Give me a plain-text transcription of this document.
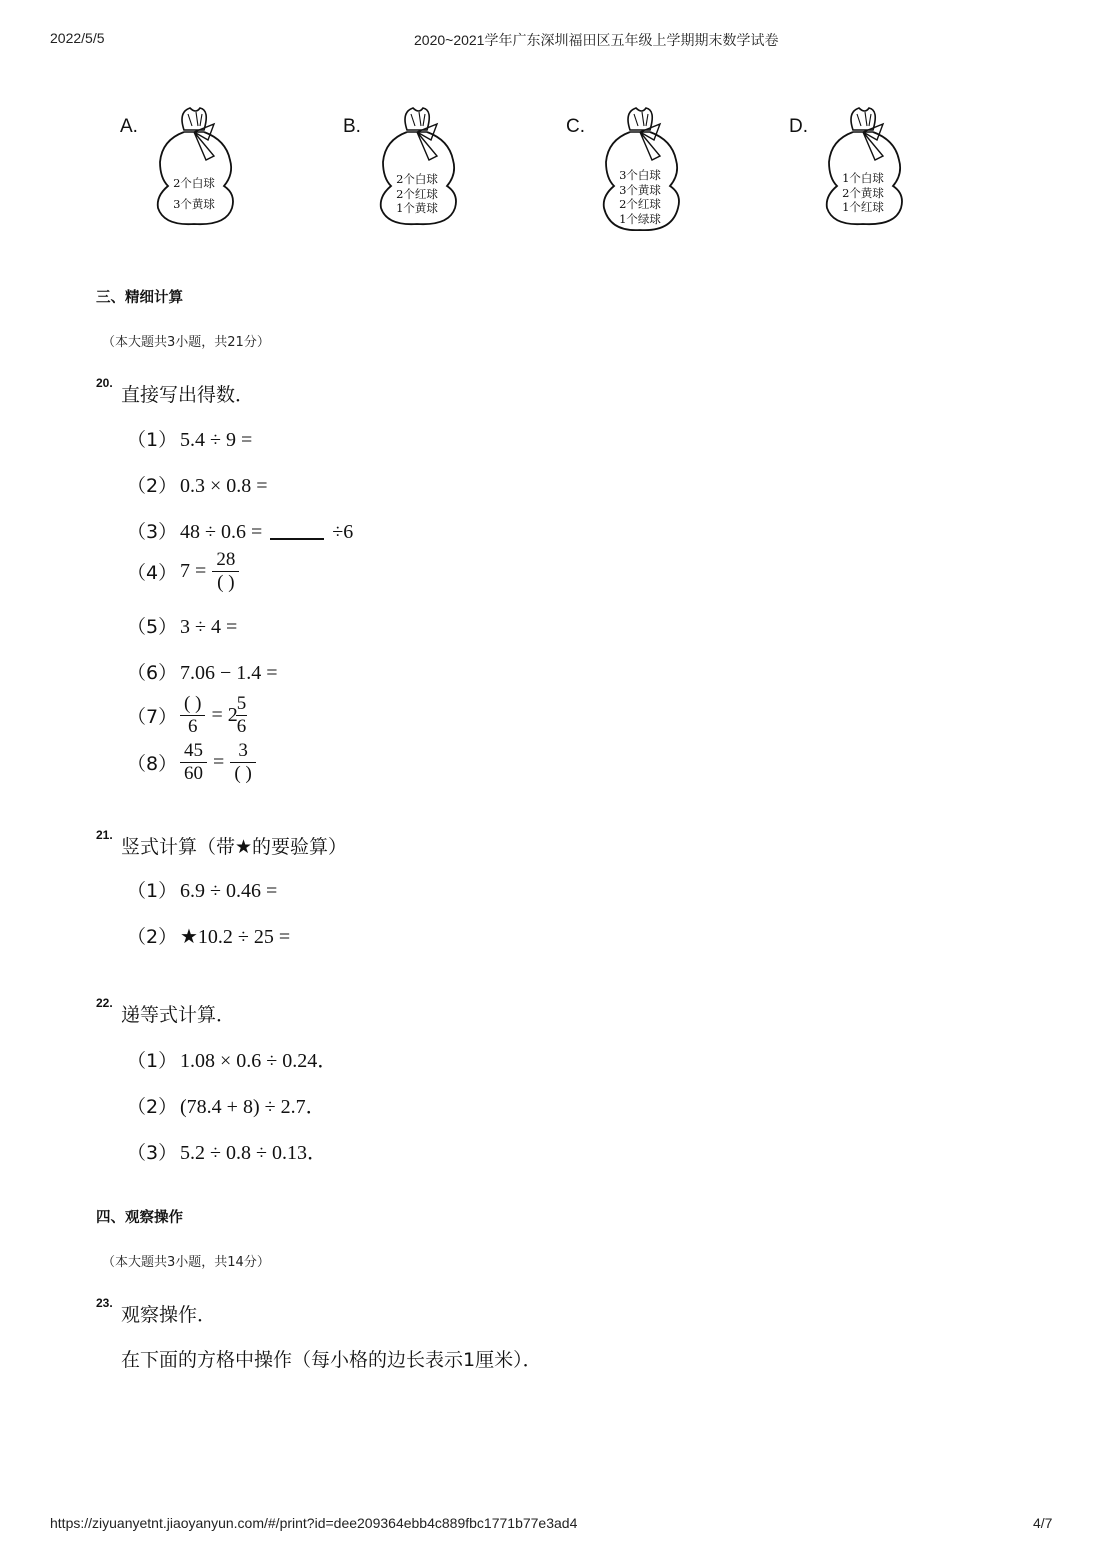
2022/5/5	2020~2021学年广东深圳福田区五年级上学期期末数学试卷
A.
2个白球
3个黄球
B.
2个白球
2个红球
1个黄球
C.
3个白球
3个黄球
2个红球
1个绿球
D.
1个白球
2个黄球
1个红球
三、精细计算
（本大题共3小题，共21分）
20.
直接写出得数．
（1） 5.4 ÷ 9 =
（2） 0.3 × 0.8 =
（3） 48 ÷ 0.6 =	÷6
（4） $7 = \frac{28}{( )}$
（5） 3 ÷ 4 =
（6） 7.06 − 1.4 =
$(7) \frac{( )}{6} = 2$
$\frac{5}{6}$
$(8) \frac{45}{60} = \frac{3}{( )}$
21.
竖式计算（带★的要验算）
（1） 6.9 ÷ 0.46 =
（2） ★10.2 ÷ 25 =
22.
递等式计算．
（1） 1.08 × 0.6 ÷ 0.24．
（2） (78.4 + 8) ÷ 2.7．
（3） 5.2 ÷ 0.8 ÷ 0.13．
四、观察操作
（本大题共3小题，共14分）
23.
观察操作．
在下面的方格中操作（每小格的边长表示1厘米）．
https://ziyuanyetnt.jiaoyanyun.com/#/print?id=dee209364ebb4c889fbc1771b77e3ad4	4/7
